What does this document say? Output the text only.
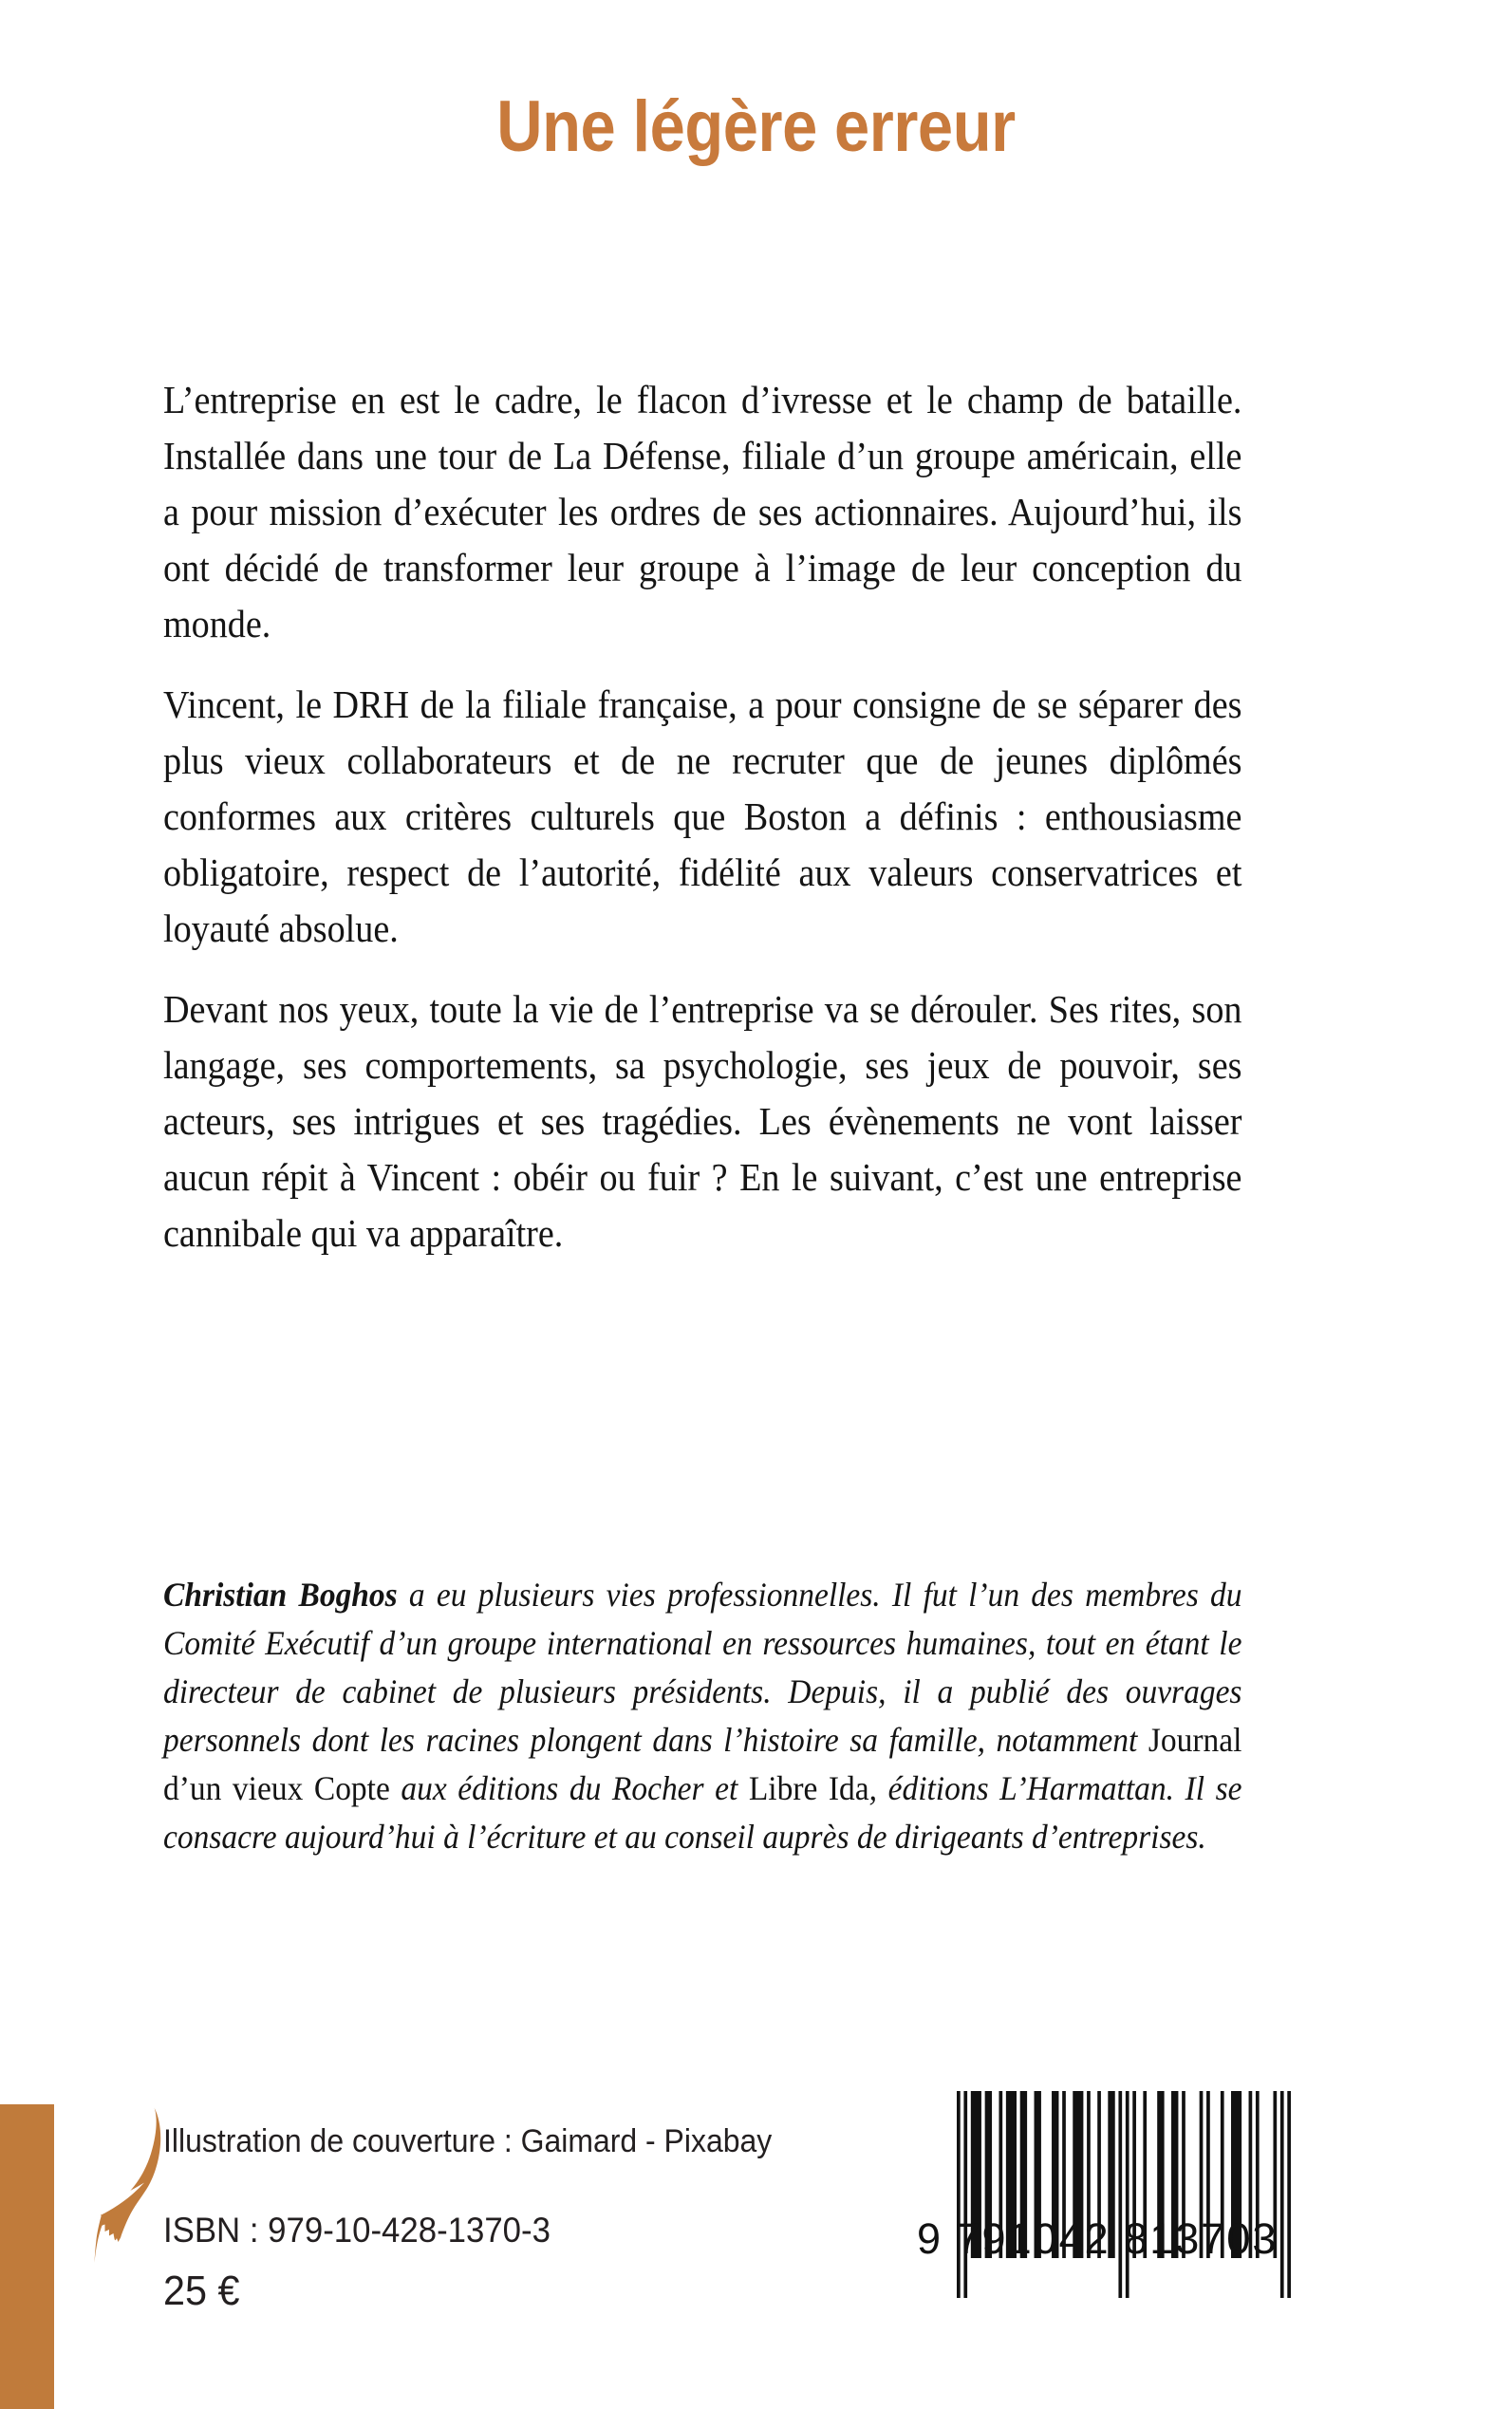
Une légère erreur

L’entreprise en est le cadre, le flacon d’ivresse et le champ de bataille. Installée dans une tour de La Défense, filiale d’un groupe américain, elle a pour mission d’exécuter les ordres de ses actionnaires. Aujourd’hui, ils ont décidé de transformer leur groupe à l’image de leur conception du monde.

Vincent, le DRH de la filiale française, a pour consigne de se séparer des plus vieux collaborateurs et de ne recruter que de jeunes diplômés conformes aux critères culturels que Boston a définis : enthousiasme obligatoire, respect de l’autorité, fidélité aux valeurs conservatrices et loyauté absolue.

Devant nos yeux, toute la vie de l’entreprise va se dérouler. Ses rites, son langage, ses comportements, sa psychologie, ses jeux de pouvoir, ses acteurs, ses intrigues et ses tragédies. Les évènements ne vont laisser aucun répit à Vincent : obéir ou fuir ? En le suivant, c’est une entreprise cannibale qui va apparaître.

Christian Boghos a eu plusieurs vies professionnelles. Il fut l’un des membres du Comité Exécutif d’un groupe international en ressources humaines, tout en étant le directeur de cabinet de plusieurs présidents. Depuis, il a publié des ouvrages personnels dont les racines plongent dans l’histoire sa famille, notamment Journal d’un vieux Copte aux éditions du Rocher et Libre Ida, éditions L’Harmattan. Il se consacre aujourd’hui à l’écriture et au conseil auprès de dirigeants d’entreprises.

Illustration de couverture : Gaimard - Pixabay
ISBN : 979-10-428-1370-3
25 €
9 791042 813703
